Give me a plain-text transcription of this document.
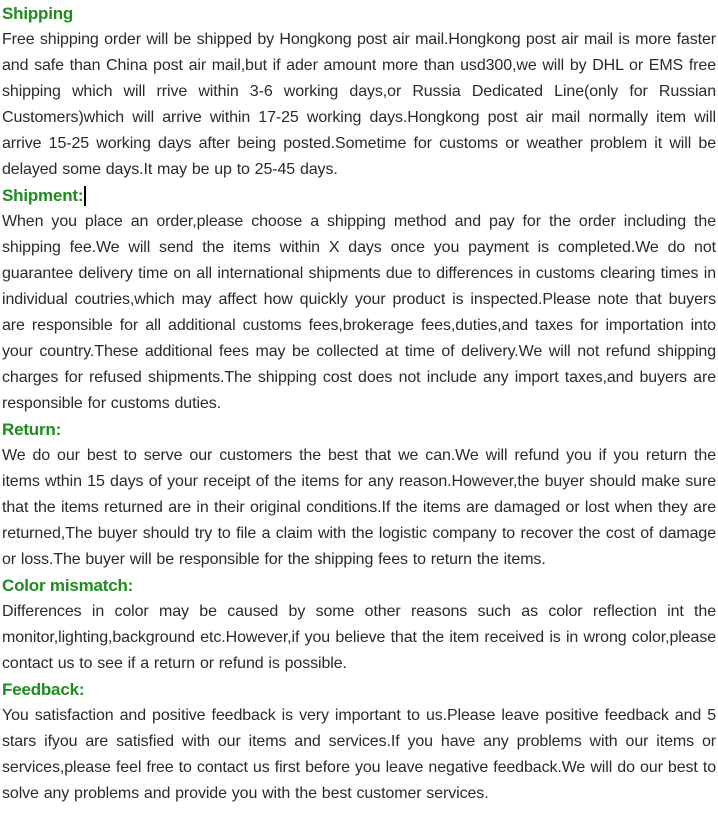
Shipping

Free shipping order will be shipped by Hongkong post air mail.Hongkong post air mail is more faster and safe than China post air mail,but if ader amount more than usd300,we will by DHL or EMS free shipping which will rrive within 3-6 working days,or Russia Dedicated Line(only for Russian Customers)which will arrive within 17-25 working days.Hongkong post air mail normally item will arrive 15-25 working days after being posted.Sometime for customs or weather problem it will be delayed some days.It may be up to 25-45 days.

Shipment:

When you place an order,please choose a shipping method and pay for the order including the shipping fee.We will send the items within X days once you payment is completed.We do not guarantee delivery time on all international shipments due to differences in customs clearing times in individual coutries,which may affect how quickly your product is inspected.Please note that buyers are responsible for all additional customs fees,brokerage fees,duties,and taxes for importation into your country.These additional fees may be collected at time of delivery.We will not refund shipping charges for refused shipments.The shipping cost does not include any import taxes,and buyers are responsible for customs duties.

Return:

We do our best to serve our customers the best that we can.We will refund you if you return the items wthin 15 days of your receipt of the items for any reason.However,the buyer should make sure that the items returned are in their original conditions.If the items are damaged or lost when they are returned,The buyer should try to file a claim with the logistic company to recover the cost of damage or loss.The buyer will be responsible for the shipping fees to return the items.

Color mismatch:

Differences in color may be caused by some other reasons such as color reflection int the monitor,lighting,background etc.However,if you believe that the item received is in wrong color,please contact us to see if a return or refund is possible.

Feedback:

You satisfaction and positive feedback is very important to us.Please leave positive feedback and 5 stars ifyou are satisfied with our items and services.If you have any problems with our items or services,please feel free to contact us first before you leave negative feedback.We will do our best to solve any problems and provide you with the best customer services.
